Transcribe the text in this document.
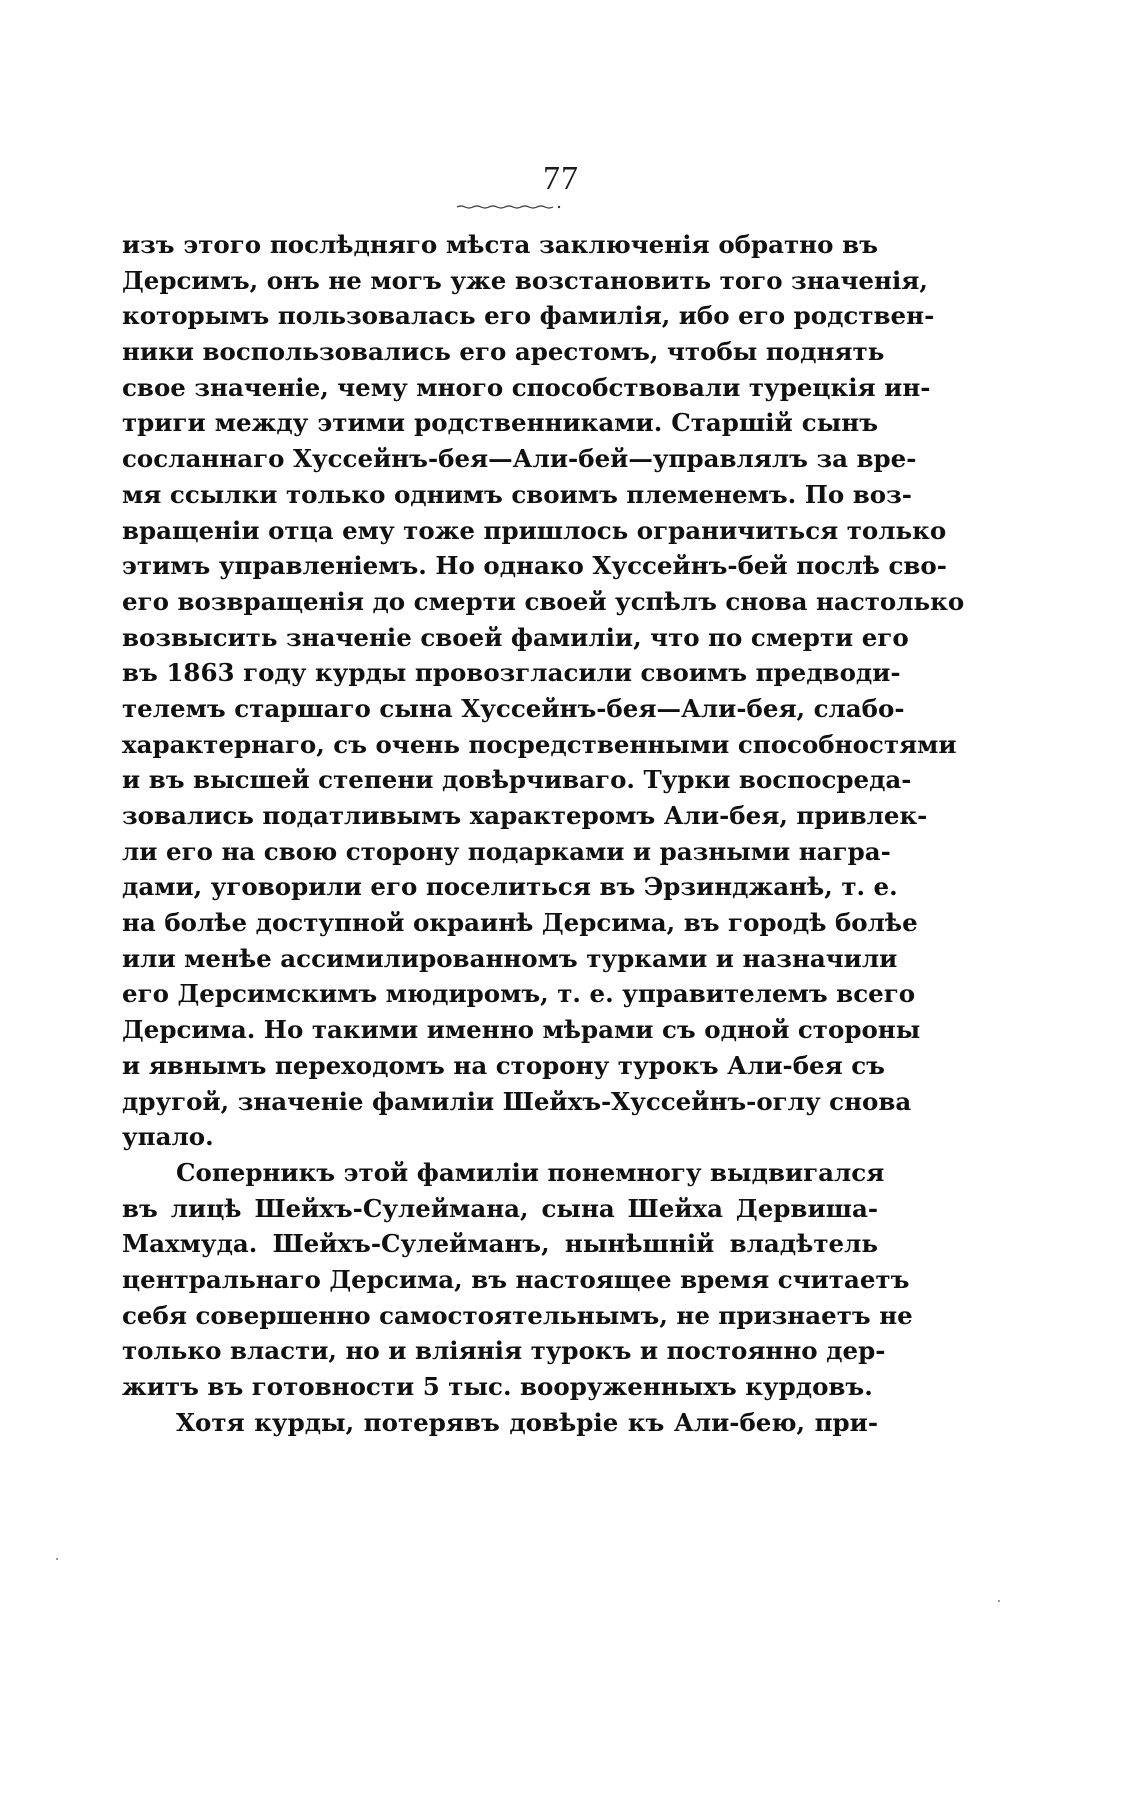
77
изъ этого послѣдняго мѣста заключенія обратно въ
Дерсимъ, онъ не могъ уже возстановить того значенія,
которымъ пользовалась его фамилія, ибо его родствен-
ники воспользовались его арестомъ, чтобы поднять
свое значеніе, чему много способствовали турецкія ин-
триги между этими родственниками. Старшій сынъ
сосланнаго Хуссейнъ-бея—Али-бей—управлялъ за вре-
мя ссылки только однимъ своимъ племенемъ. По воз-
вращеніи отца ему тоже пришлось ограничиться только
этимъ управленіемъ. Но однако Хуссейнъ-бей послѣ сво-
его возвращенія до смерти своей успѣлъ снова настолько
возвысить значеніе своей фамиліи, что по смерти его
въ 1863 году курды провозгласили своимъ предводи-
телемъ старшаго сына Хуссейнъ-бея—Али-бея, слабо-
характернаго, съ очень посредственными способностями
и въ высшей степени довѣрчиваго. Турки воспосреда-
зовались податливымъ характеромъ Али-бея, привлек-
ли его на свою сторону подарками и разными награ-
дами, уговорили его поселиться въ Эрзинджанѣ, т. е.
на болѣе доступной окраинѣ Дерсима, въ городѣ болѣе
или менѣе ассимилированномъ турками и назначили
его Дерсимскимъ мюдиромъ, т. е. управителемъ всего
Дерсима. Но такими именно мѣрами съ одной стороны
и явнымъ переходомъ на сторону турокъ Али-бея съ
другой, значеніе фамиліи Шейхъ-Хуссейнъ-оглу снова
упало.
Соперникъ этой фамиліи понемногу выдвигался
въ лицѣ Шейхъ-Сулеймана, сына Шейха Дервиша-
Махмуда. Шейхъ-Сулейманъ, нынѣшній владѣтель
центральнаго Дерсима, въ настоящее время считаетъ
себя совершенно самостоятельнымъ, не признаетъ не
только власти, но и вліянія турокъ и постоянно дер-
житъ въ готовности 5 тыс. вооруженныхъ курдовъ.
Хотя курды, потерявъ довѣріе къ Али-бею, при-
